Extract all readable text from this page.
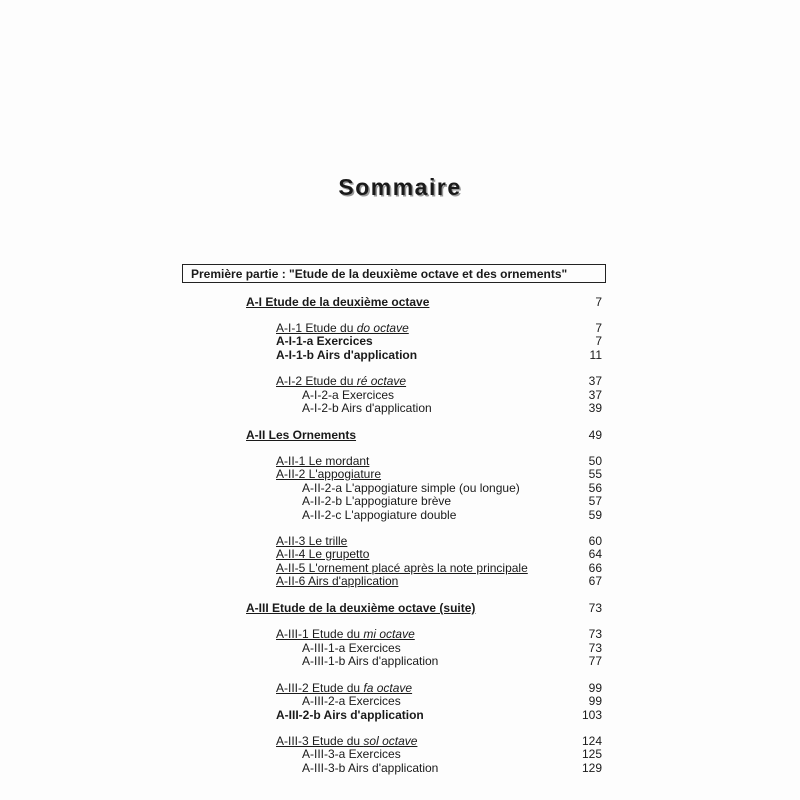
Sommaire
Première partie : "Etude de la deuxième octave et des ornements"
A-I Etude de la deuxième octave	7
A-I-1 Etude du do octave	7
A-I-1-a Exercices	7
A-I-1-b Airs d'application	11
A-I-2 Etude du ré octave	37
A-I-2-a Exercices	37
A-I-2-b Airs d'application	39
A-II Les Ornements	49
A-II-1 Le mordant	50
A-II-2 L'appogiature	55
A-II-2-a L'appogiature simple (ou longue)	56
A-II-2-b L'appogiature brève	57
A-II-2-c L'appogiature double	59
A-II-3 Le trille	60
A-II-4 Le grupetto	64
A-II-5 L'ornement placé après la note principale	66
A-II-6 Airs d'application	67
A-III Etude de la deuxième octave (suite)	73
A-III-1 Etude du mi octave	73
A-III-1-a Exercices	73
A-III-1-b Airs d'application	77
A-III-2 Etude du fa octave	99
A-III-2-a Exercices	99
A-III-2-b Airs d'application	103
A-III-3 Etude du sol octave	124
A-III-3-a Exercices	125
A-III-3-b Airs d'application	129
